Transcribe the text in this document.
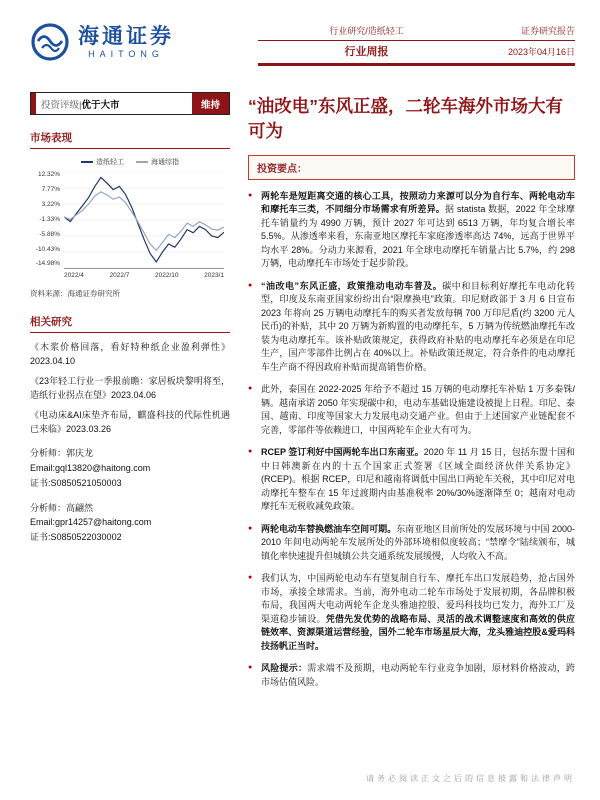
海通证券
HAITONG
行业研究/造纸轻工	证券研究报告
行业周报	2023年04月16日
投资评级| 优于大市	维持
市场表现
造纸轻工	海通综指
12.32%
7.77%
3.22%
-1.33%
-5.88%
-10.43%
-14.98%
2022/4	2022/7	2022/10	2023/1
资料来源：海通证券研究所
相关研究
《木浆价格回落，看好特种纸企业盈利弹性》2023.04.10
《23年轻工行业一季报前瞻：家居板块黎明将至，造纸行业拐点在望》2023.04.06
《电动床&AI床垫齐布局，麒盛科技的代际性机遇已来临》2023.03.26
分析师：郭庆龙
Email:gql13820@haitong.com
证书:S0850521050003
分析师：高翩然
Email:gpr14257@haitong.com
证书:S0850522030002
“油改电”东风正盛，二轮车海外市场大有可为
投资要点：
● 两轮车是短距离交通的核心工具，按照动力来源可以分为自行车、两轮电动车和摩托车三类，不同细分市场需求有所差异。据 statista 数据，2022 年全球摩托车销量约为 4990 万辆，预计 2027 年可达到 6513 万辆，年均复合增长率 5.5%。从渗透率来看，东南亚地区摩托车家庭渗透率高达 74%，远高于世界平均水平 28%。分动力来源看，2021 年全球电动摩托车销量占比 5.7%，约 298 万辆，电动摩托车市场处于起步阶段。
● “油改电”东风正盛，政策推动电动车普及。碳中和目标利好摩托车电动化转型，印度及东南亚国家纷纷出台“限摩换电”政策。印尼财政部于 3 月 6 日宣布 2023 年将向 25 万辆电动摩托车的购买者发放每辆 700 万印尼盾(约 3200 元人民币)的补贴，其中 20 万辆为新购置的电动摩托车，5 万辆为传统燃油摩托车改装为电动摩托车。该补贴政策规定，获得政府补贴的电动摩托车必须是在印尼生产，国产零部件比例占在 40%以上。补贴政策还规定，符合条件的电动摩托车生产商不得因政府补贴而提高销售价格。
● 此外，泰国在 2022-2025 年给予不超过 15 万辆的电动摩托车补贴 1 万多泰铢/辆。越南承诺 2050 年实现碳中和，电动车基础设施建设被提上日程。印尼、泰国、越南、印度等国家大力发展电动交通产业。但由于上述国家产业链配套不完善，零部件等依赖进口，中国两轮车企业大有可为。
● RCEP 签订利好中国两轮车出口东南亚。2020 年 11 月 15 日，包括东盟十国和中日韩澳新在内的十五个国家正式签署《区域全面经济伙伴关系协定》(RCEP)。根据 RCEP，印尼和越南将调低中国出口两轮车关税，其中印尼对电动摩托车整车在 15 年过渡期内由基准税率 20%/30%逐渐降至 0；越南对电动摩托车无税收减免政策。
● 两轮电动车替换燃油车空间可期。东南亚地区目前所处的发展环境与中国 2000-2010 年间电动两轮车发展所处的外部环境相似度较高；“禁摩令”陆续颁布，城镇化率快速提升但城镇公共交通系统发展缓慢，人均收入不高。
● 我们认为，中国两轮电动车有望复制自行车、摩托车出口发展趋势，抢占国外市场，承接全球需求。当前，海外电动二轮车市场处于发展初期，各品牌积极布局，我国两大电动两轮车企龙头雅迪控股、爱玛科技均已发力，海外工厂及渠道稳步铺设。凭借先发优势的战略布局、灵活的战术调整速度和高效的供应链效率、资源渠道运营经验，国外二轮车市场星辰大海，龙头雅迪控股&爱玛科技扬帆正当时。
● 风险提示：需求端不及预期，电动两轮车行业竞争加剧，原材料价格波动，跨市场估值风险。
请务必阅读正文之后的信息披露和法律声明
